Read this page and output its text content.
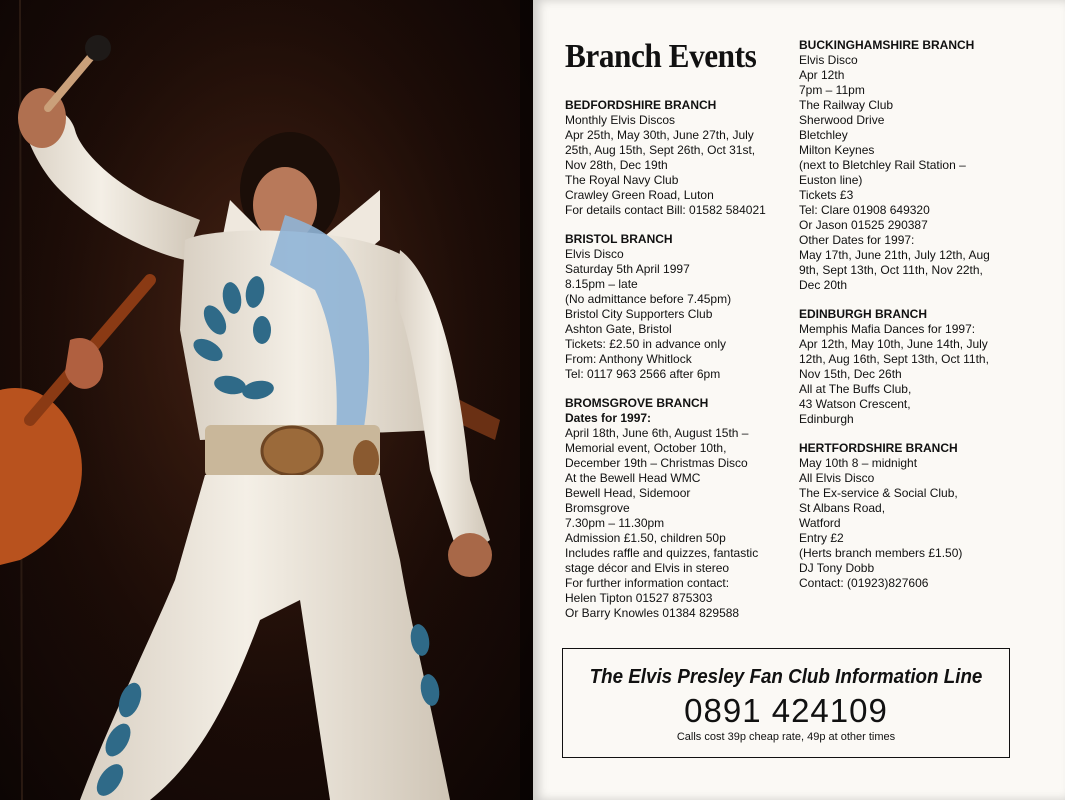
Branch Events

BEDFORDSHIRE BRANCH

Monthly Elvis Discos

Apr 25th, May 30th, June 27th, July

25th, Aug 15th, Sept 26th, Oct 31st,

Nov 28th, Dec 19th

The Royal Navy Club

Crawley Green Road, Luton

For details contact Bill: 01582 584021

BRISTOL BRANCH

Elvis Disco

Saturday 5th April 1997

8.15pm – late

(No admittance before 7.45pm)

Bristol City Supporters Club

Ashton Gate, Bristol

Tickets: £2.50 in advance only

From: Anthony Whitlock

Tel: 0117 963 2566 after 6pm

BROMSGROVE BRANCH

Dates for 1997:

April 18th, June 6th, August 15th –

Memorial event, October 10th,

December 19th – Christmas Disco

At the Bewell Head WMC

Bewell Head, Sidemoor

Bromsgrove

7.30pm – 11.30pm

Admission £1.50, children 50p

Includes raffle and quizzes, fantastic

stage décor and Elvis in stereo

For further information contact:

Helen Tipton 01527 875303

Or Barry Knowles 01384 829588

BUCKINGHAMSHIRE BRANCH

Elvis Disco

Apr 12th

7pm – 11pm

The Railway Club

Sherwood Drive

Bletchley

Milton Keynes

(next to Bletchley Rail Station –

Euston line)

Tickets £3

Tel: Clare 01908 649320

Or Jason 01525 290387

Other Dates for 1997:

May 17th, June 21th, July 12th, Aug

9th, Sept 13th, Oct 11th, Nov 22th,

Dec 20th

EDINBURGH BRANCH

Memphis Mafia Dances for 1997:

Apr 12th, May 10th, June 14th, July

12th, Aug 16th, Sept 13th, Oct 11th,

Nov 15th, Dec 26th

All at The Buffs Club,

43 Watson Crescent,

Edinburgh

HERTFORDSHIRE BRANCH

May 10th 8 – midnight

All Elvis Disco

The Ex-service & Social Club,

St Albans Road,

Watford

Entry £2

(Herts branch members £1.50)

DJ Tony Dobb

Contact: (01923)827606

The Elvis Presley Fan Club Information Line
0891 424109
Calls cost 39p cheap rate, 49p at other times
